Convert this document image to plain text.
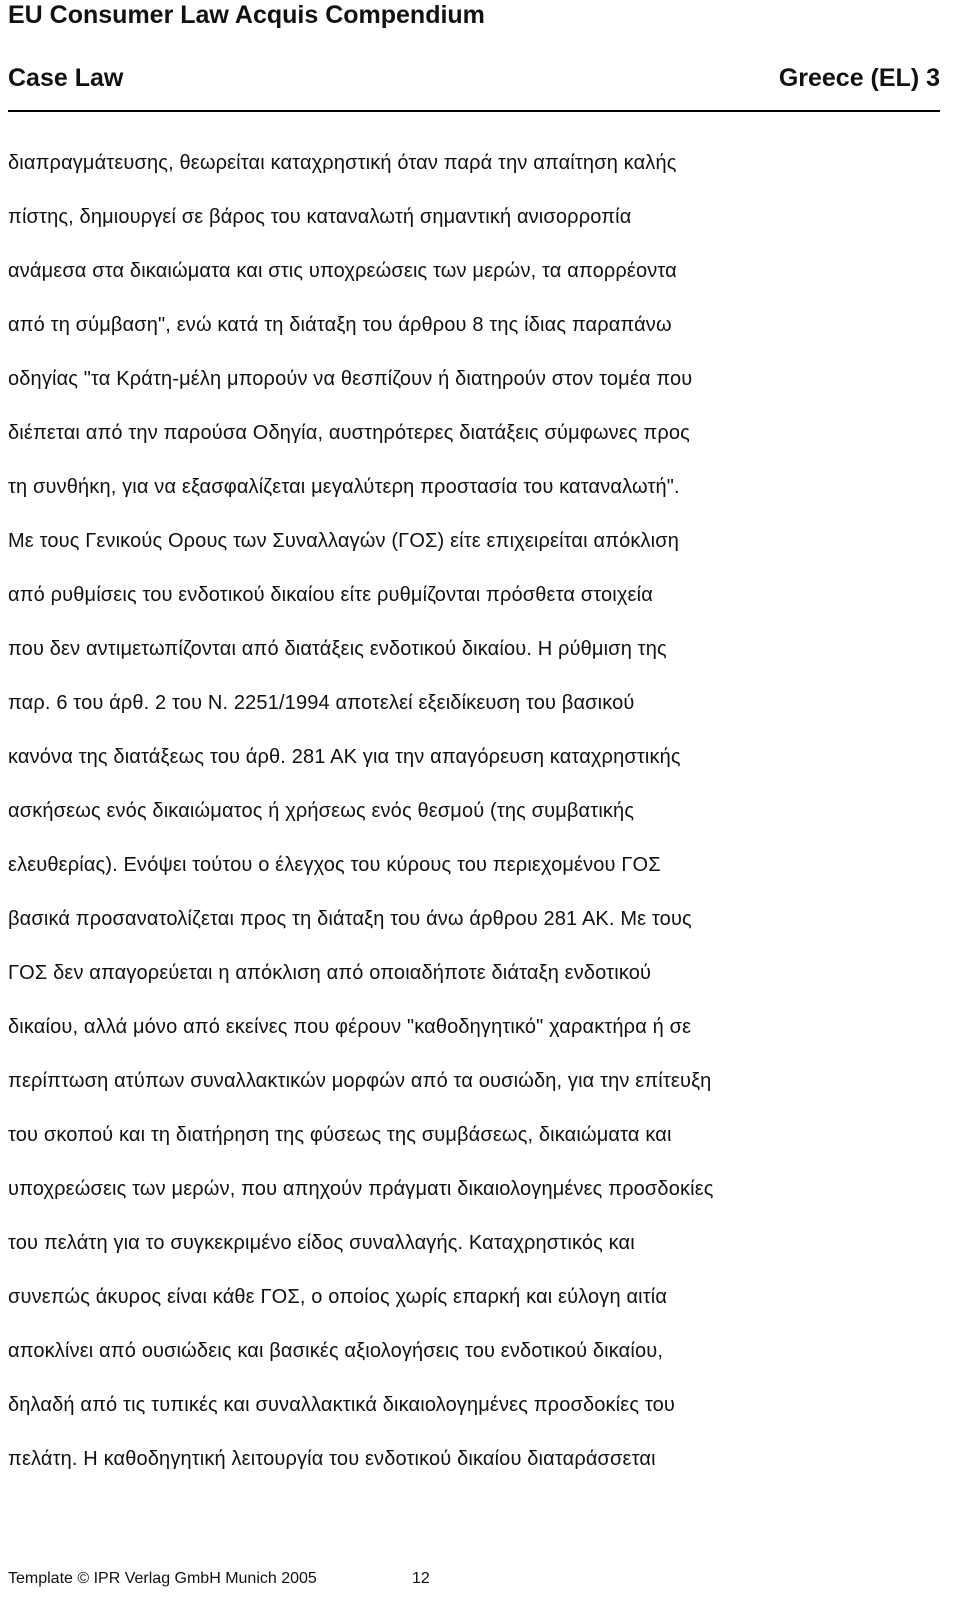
EU Consumer Law Acquis Compendium
Case Law	Greece (EL) 3
διαπραγμάτευσης, θεωρείται καταχρηστική όταν παρά την απαίτηση καλής
πίστης, δημιουργεί σε βάρος του καταναλωτή σημαντική ανισορροπία
ανάμεσα στα δικαιώματα και στις υποχρεώσεις των μερών, τα απορρέοντα
από τη σύμβαση", ενώ κατά τη διάταξη του άρθρου 8 της ίδιας παραπάνω
οδηγίας "τα Κράτη-μέλη μπορούν να θεσπίζουν ή διατηρούν στον τομέα που
διέπεται από την παρούσα Οδηγία, αυστηρότερες διατάξεις σύμφωνες προς
τη συνθήκη, για να εξασφαλίζεται μεγαλύτερη προστασία του καταναλωτή".
Με τους Γενικούς Ορους των Συναλλαγών (ΓΟΣ) είτε επιχειρείται απόκλιση
από ρυθμίσεις του ενδοτικού δικαίου είτε ρυθμίζονται πρόσθετα στοιχεία
που δεν αντιμετωπίζονται από διατάξεις ενδοτικού δικαίου. Η ρύθμιση της
παρ. 6 του άρθ. 2 του Ν. 2251/1994 αποτελεί εξειδίκευση του βασικού
κανόνα της διατάξεως του άρθ. 281 ΑΚ για την απαγόρευση καταχρηστικής
ασκήσεως ενός δικαιώματος ή χρήσεως ενός θεσμού (της συμβατικής
ελευθερίας). Ενόψει τούτου ο έλεγχος του κύρους του περιεχομένου ΓΟΣ
βασικά προσανατολίζεται προς τη διάταξη του άνω άρθρου 281 ΑΚ. Με τους
ΓΟΣ δεν απαγορεύεται η απόκλιση από οποιαδήποτε διάταξη ενδοτικού
δικαίου, αλλά μόνο από εκείνες που φέρουν "καθοδηγητικό" χαρακτήρα ή σε
περίπτωση ατύπων συναλλακτικών μορφών από τα ουσιώδη, για την επίτευξη
του σκοπού και τη διατήρηση της φύσεως της συμβάσεως, δικαιώματα και
υποχρεώσεις των μερών, που απηχούν πράγματι δικαιολογημένες προσδοκίες
του πελάτη για το συγκεκριμένο είδος συναλλαγής. Καταχρηστικός και
συνεπώς άκυρος είναι κάθε ΓΟΣ, ο οποίος χωρίς επαρκή και εύλογη αιτία
αποκλίνει από ουσιώδεις και βασικές αξιολογήσεις του ενδοτικού δικαίου,
δηλαδή από τις τυπικές και συναλλακτικά δικαιολογημένες προσδοκίες του
πελάτη. Η καθοδηγητική λειτουργία του ενδοτικού δικαίου διαταράσσεται
Template © IPR Verlag GmbH Munich 2005	12
